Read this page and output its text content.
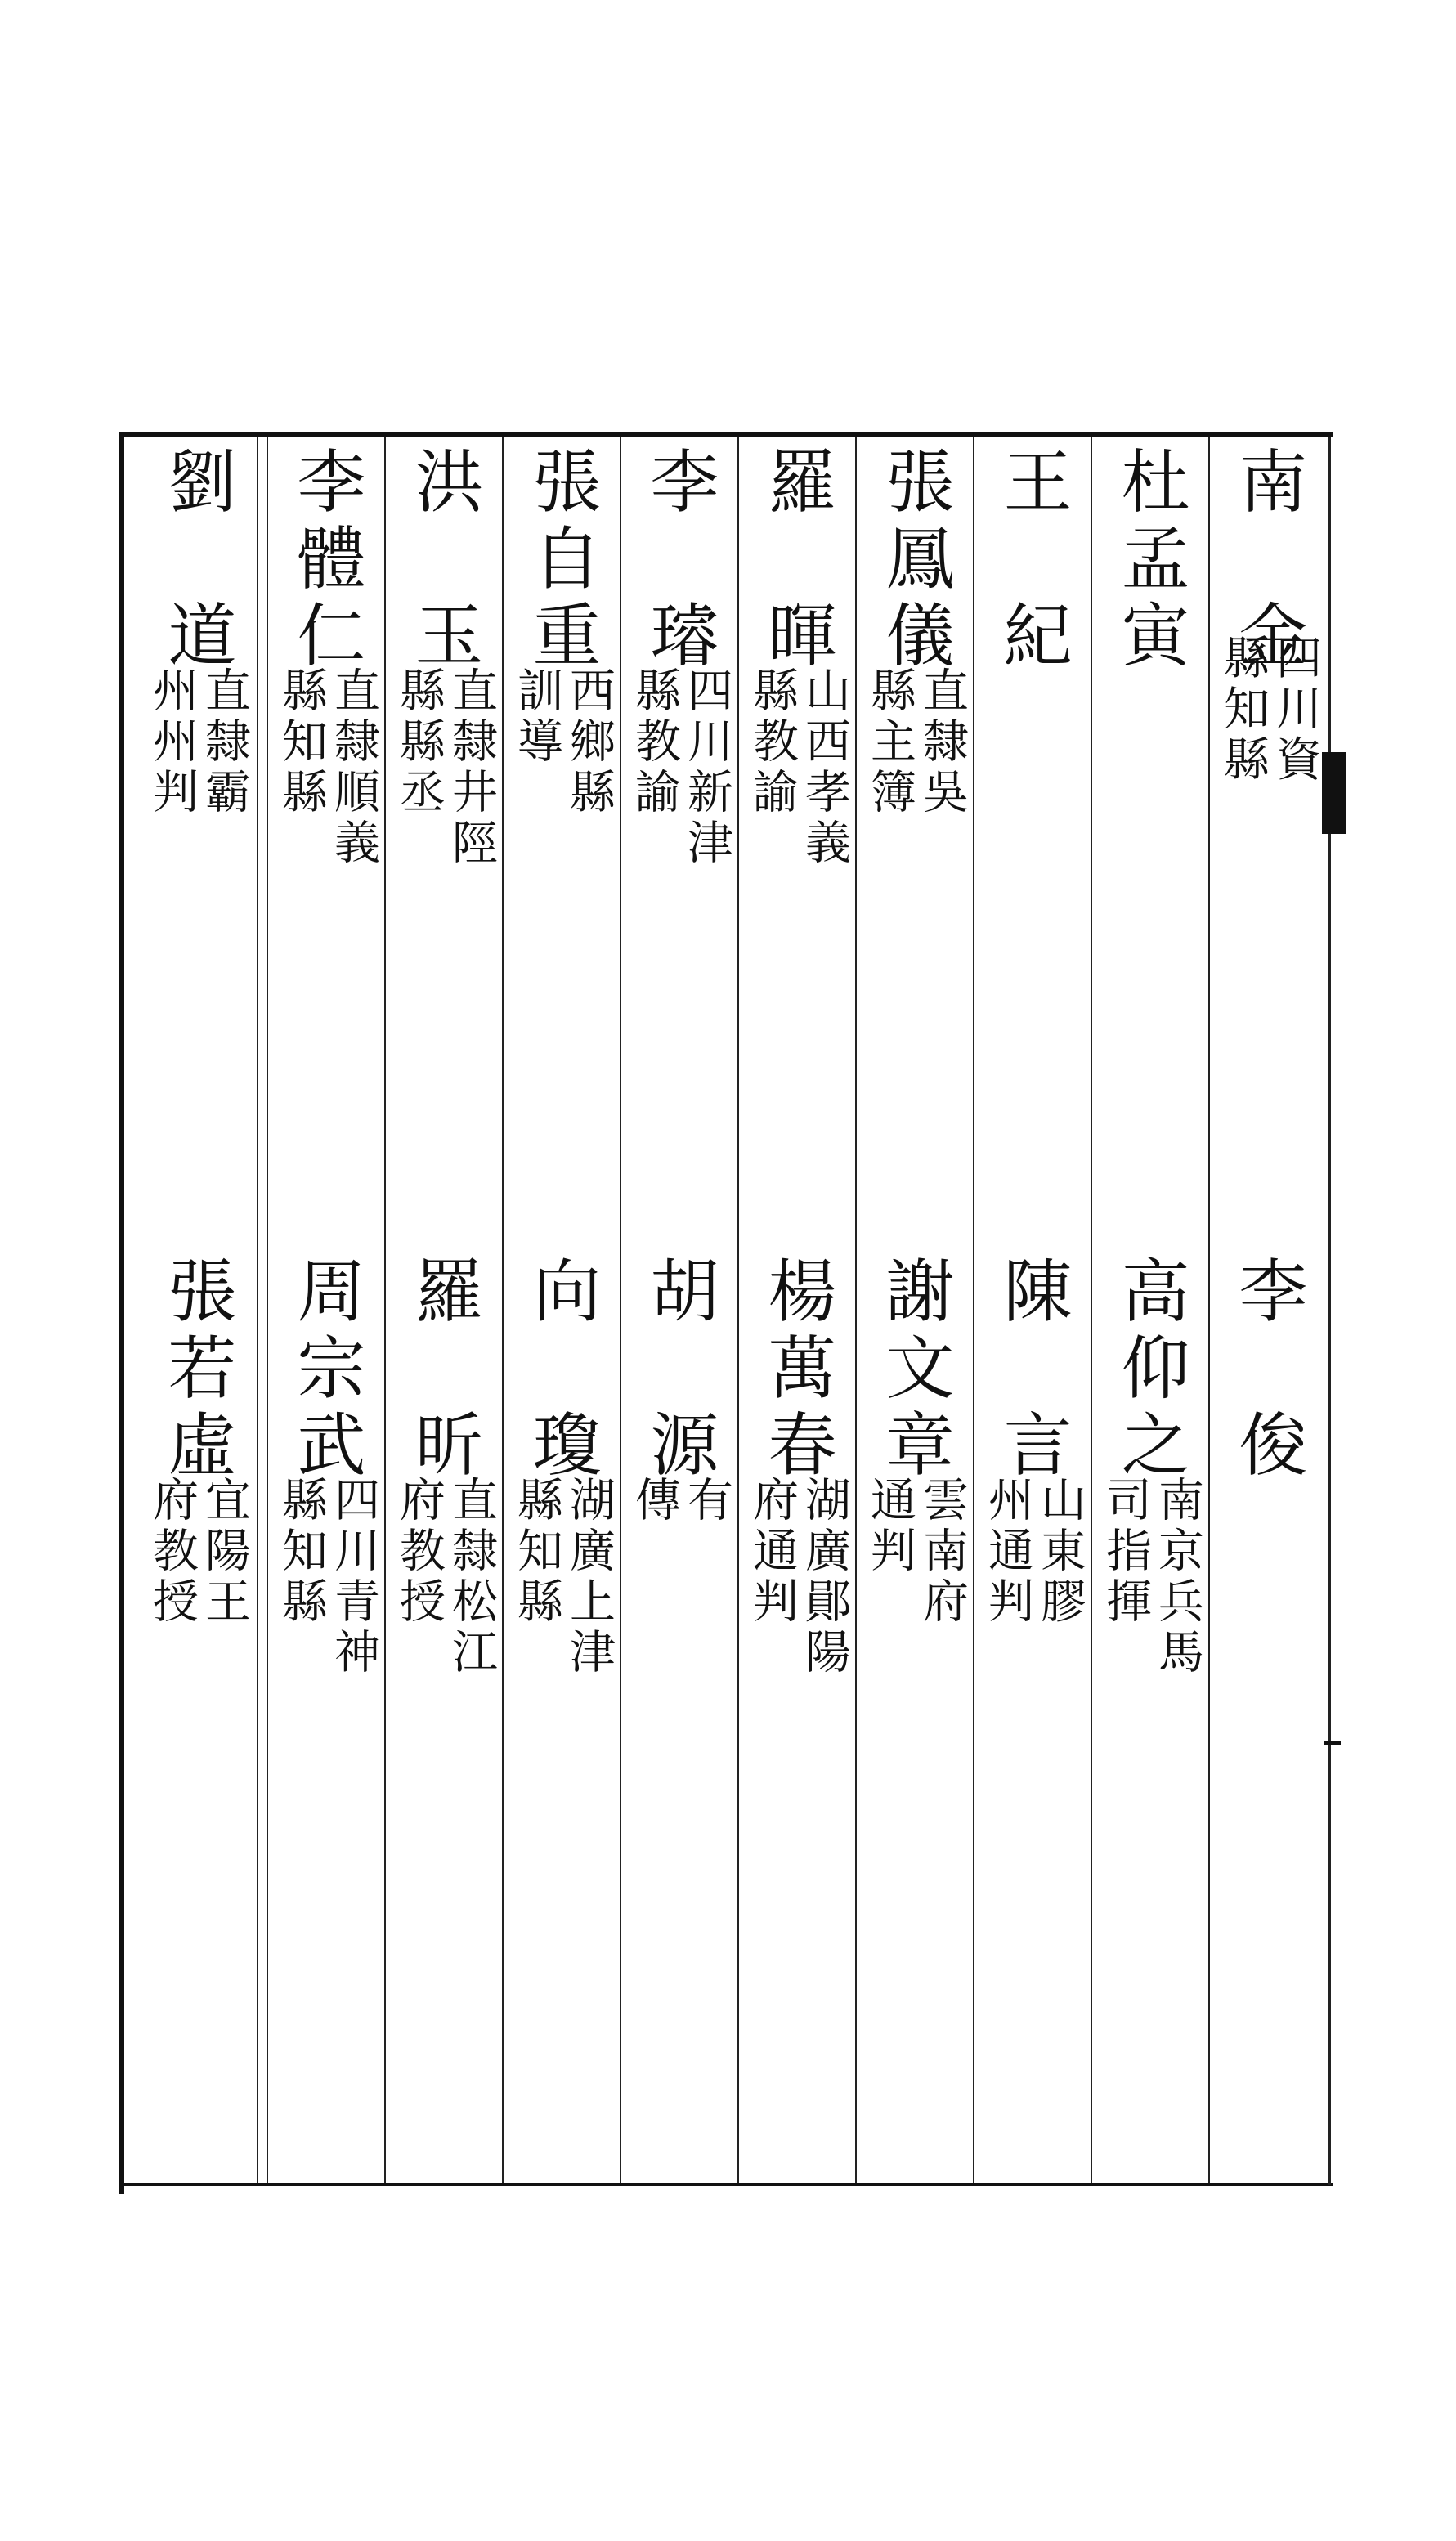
南　金
四川資
縣知縣
李　俊
杜孟寅
高仰之
南京兵馬
司指揮
王　紀
陳　言
山東膠
州通判
張鳳儀
直隸吳
縣主簿
謝文章
雲南府
通判
羅　暉
山西孝義
縣教諭
楊萬春
湖廣鄖陽
府通判
李　璿
四川新津
縣教諭
胡　源
有
傳
張自重
西鄉縣
訓導
向　瓊
湖廣上津
縣知縣
洪　玉
直隸井陘
縣縣丞
羅　昕
直隸松江
府教授
李體仁
直隸順義
縣知縣
周宗武
四川青神
縣知縣
劉　道
直隸霸
州州判
張若虛
宜陽王
府教授
